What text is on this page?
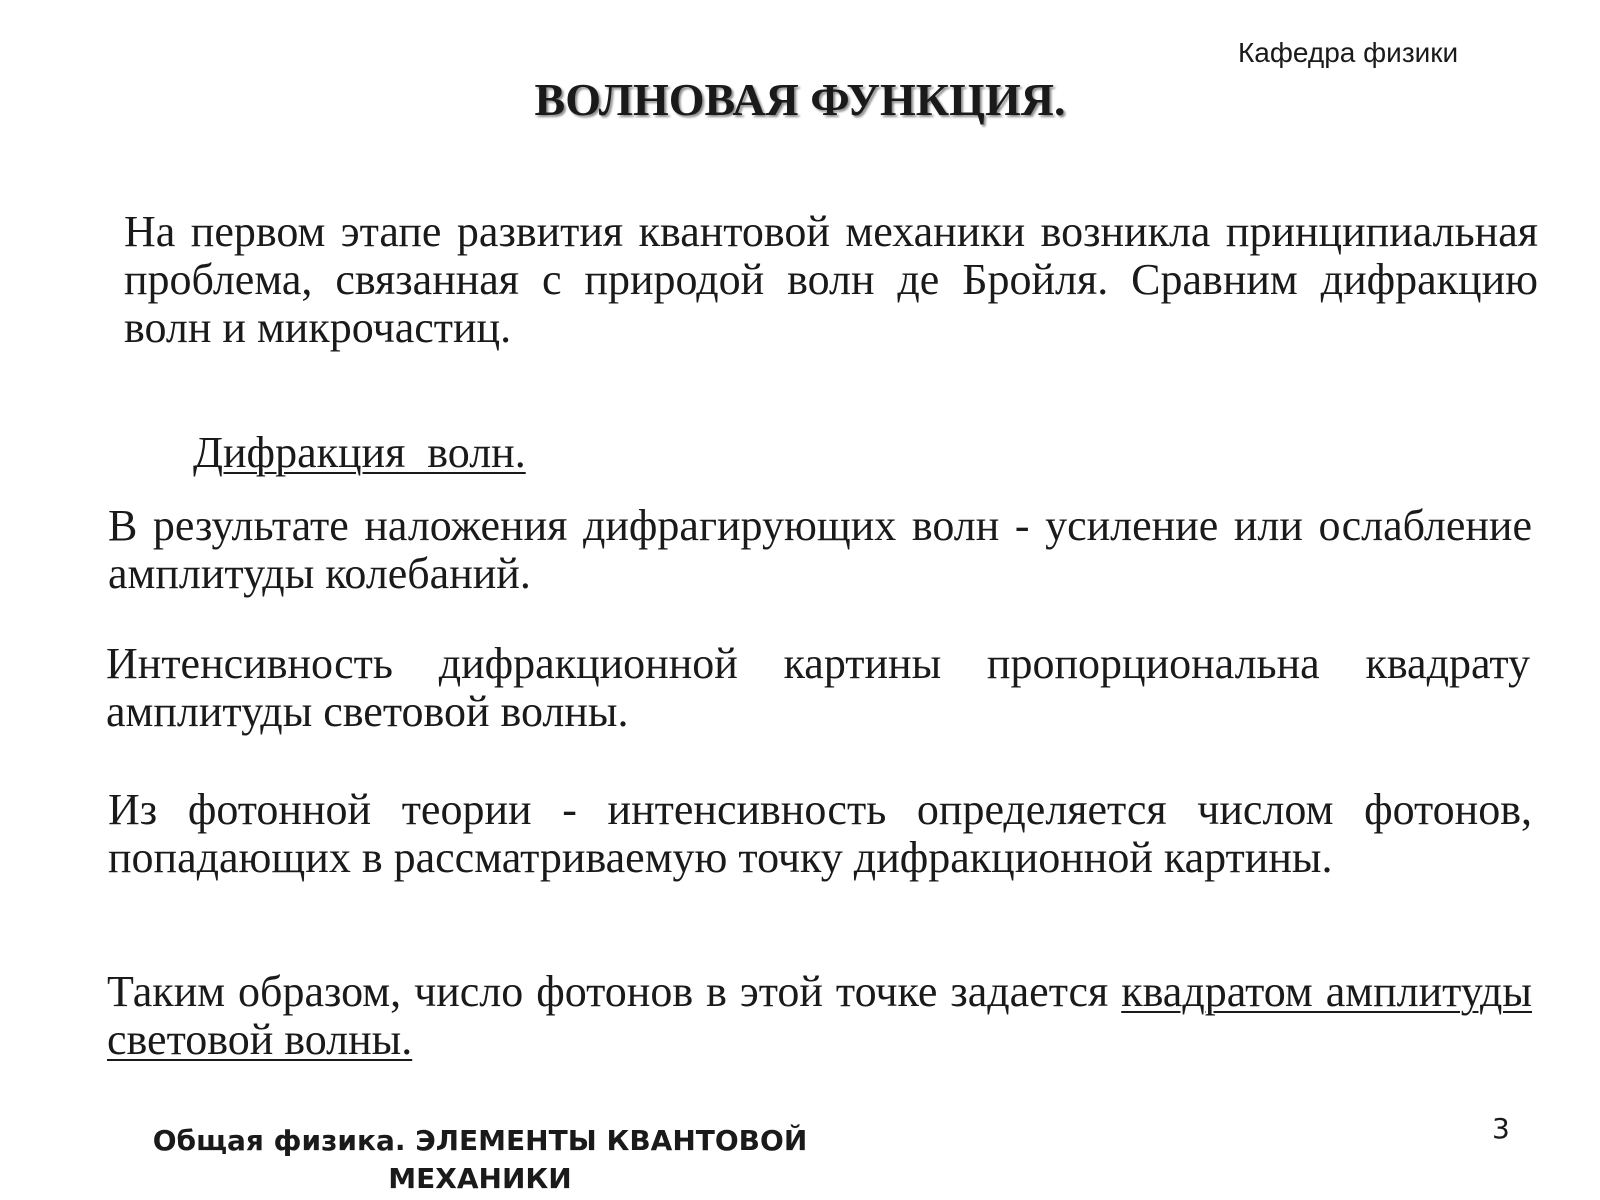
Кафедра физики
ВОЛНОВАЯ ФУНКЦИЯ.

На первом этапе развития квантовой механики возникла принципиальная проблема, связанная с природой волн де Бройля. Сравним дифракцию волн и микрочастиц.

Дифракция  волн.

В результате наложения дифрагирующих волн - усиление или ослабление амплитуды колебаний.

Интенсивность дифракционной картины пропорциональна квадрату амплитуды световой волны.

Из фотонной теории - интенсивность определяется числом фотонов, попадающих в рассматриваемую точку дифракционной картины.

Таким образом, число фотонов в этой точке задается квадратом амплитуды световой волны.

Общая физика. ЭЛЕМЕНТЫ КВАНТОВОЙ
МЕХАНИКИ
3
